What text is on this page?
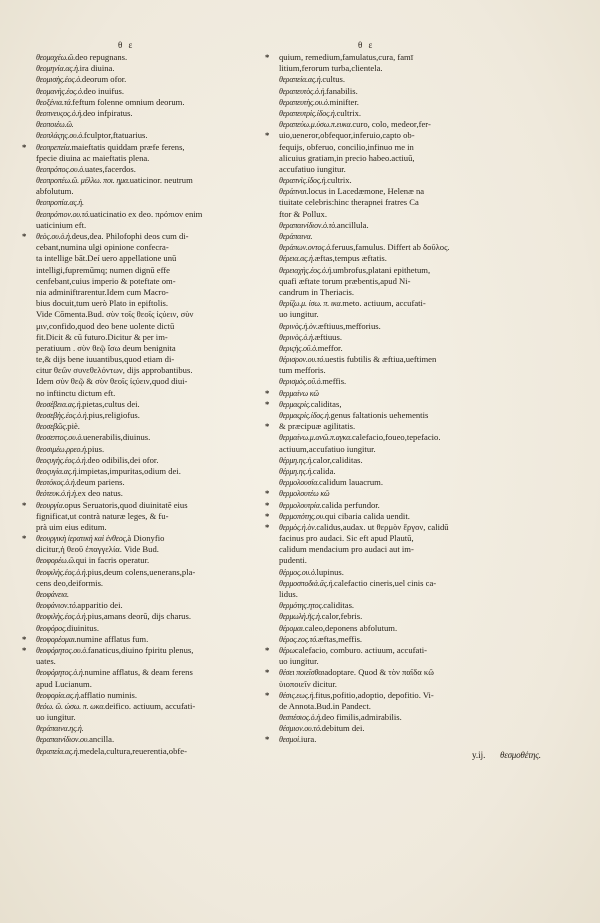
θ ε	θ ε
θεομαχέω.ῶ.deo repugnans.
θεομηνία.ας.ἡ.ira diuina.
θεομισὴς.έος.ὁ.deorum ofor.
θεομανὴς.έος.ὁ.deo inuifus.
θεοξένια.τά.feftum folenne omnium deorum.
θεοπνευςος.ὁ.ἡ.deo infpiratus.
θεοποιέω.ῶ.
θεοπλάςης.ου.ὁ.fculptor,ftatuarius.
* θεοπρεπεία.maieftatis quiddam præfe ferens,
fpecie diuina ac maieftatis plena.
θεοπρόπος.ου.ὁ.uates,facerdos.
θεοπροπέω.ῶ. μέλλω. ποι. ημα.uaticinor. neutrum
abfolutum.
θεοπροπία.ας.ἡ.
θεοπρόπιον.ου.τό.uaticinatio ex deo. πρόπιον enim
uaticinium eft.
* θεὸς.ου.ὁ.ἡ.deus,dea. Philofophi deos cum di-
cebant,numina ulgi opinione confecra-
ta intellige bāt.Deí uero appellatione unū
intelligi,fupremūmq; numen dignū effe
cenfebant,cuius imperio & poteftate om-
nia adminiftrarentur.Idem cum Macro-
bius docuit,tum uerò Plato in epiftolis.
Vide Cōmenta.Bud. σὺν τοῖς θεοῖς ἰςύειν, σὺν
μιν,confido,quod deo bene uolente dictū
fit.Dicit & cū futuro.Dicitur & per im-
peratiuum . σὺν θεῷ ἴσω deum benignita
te,& dijs bene iuuantibus,quod etiam di-
citur θεῶν συνεθελόντων, dijs approbantibus.
Idem σὺν θεῷ & σὺν θεοῖς ἰςύειν,quod diui-
no inftinctu dictum eft.
θεοσέβεια.ας.ἡ.pietas,cultus dei.
θεοσεβὴς.έος.ὁ.ἡ.pius,religiofus.
θεοσεβῶς.piè.
θεοσεπτος.ου.ὁ.uenerabilis,diuinus.
θεοσιμέω.ρρεο.ἡ.pius.
θεοςυγὴς.έος.ὁ.ἡ.deo odibilis,dei ofor.
θεοςυγία.ας.ἡ.impietas,impuritas,odium dei.
θεοτόκος.ὁ.ἡ.deum pariens.
θεότευκ.ό.ἡ.ἡ.ex deo natus.
* θεουργία.opus Seruatoris,quod diuinitatē eius
fignificat,ut contrà naturæ leges, & fu-
prà uim eius editum.
* θεουργικὴ ἱερατικὴ καὶ ἐνθεος,à Dionyfio
dicitur,ἡ θεοῦ ἐπαγγελία. Vide Bud.
θεοφορέω.ῶ.qui in facris operatur.
θεοφιλὴς.έος.ὁ.ἡ.pius,deum colens,uenerans,pla-
cens deo,deiformis.
θεοφάνεια.
θεοφάνιον.τό.apparitio dei.
θεοφιλὴς.έος.ὁ.ἡ.pius,amans deorū, dijs charus.
θεοφόρος.diuinitus.
* θεοφορέομαι.numine afflatus fum.
* θεοφόρητος.ου.ὁ.fanaticus,diuino fpiritu plenus,
uates.
θεοφόρητος.ὁ.ἡ.numine afflatus, & deam ferens
apud Lucianum.
θεοφορία.ας.ἡ.afflatio numinis.
θεόω. ῶ. ώσω. π. ωκα.deifico. actiuum, accufati-
uo iungitur.
θεράπαινα.ης.ἡ.
θεραπαινίδιον.ου.ancilla.
θεραπεία.ας.ἡ.medela,cultura,reuerentia,obfe-
* quium, remedium,famulatus,cura, famī
litium,ferorum turba,clientela.
θεραπεία.ας.ἡ.cultus.
θεραπευτὸς.ὁ.ἡ.fanabilis.
θεραπευτὴς.ου.ὁ.minifter.
θεραπευτρὶς.ίδος.ἡ.cultrix.
θεραπεύω.μ.ύσω.π.ευκα.curo, colo, medeor,fer-
* uio,ueneror,obfequor,inferuio,capto ob-
fequijs, obferuo, concilio,infinuo me in
alicuius gratiam,in precio habeo.actiuū,
accufatiuo iungitur.
θεραπνὶς.ίδος.ἡ.cultrix.
θεράπναι.locus in Lacedæmone, Helenæ na
tiuitate celebris:hinc therapnei fratres Ca
ftor & Pollux.
θεραπαινίδιον.ὁ.τὸ.ancillula.
θεράπαινα.
θεράπων.οντος.ὁ.feruus,famulus. Differt ab δοῦλος.
θέρεια.ας.ἡ.æftas,tempus æftatis.
θερειαχὴς.έος.ὁ.ἡ.umbrofus,platani epithetum,
quafi æftate torum præbentis,apud Ni-
candrum in Theriacis.
θερίζω.μ. ίσω. π. ικα.meto. actiuum, accufati-
uo iungitur.
θερινὸς.ἡ.ὸν.æftiuus,mefforius.
θερινὸς.ὁ.ἡ.æftiuus.
θεριςὴς.οῦ.ὁ.meffor.
θέρισρον.ου.τό.uestis fubtilis & æftiua,ueftimen
tum mefforis.
θερισμὸς.οῦ.ὁ.meffis.
* θερμαίνω κῶ
* θερμαςρὶς.caliditas,
θερμαςρὶς.ίδος.ἡ.genus faltationis uehementis
* & præcipuæ agilitatis.
θερμαίνω.μ.ανῶ.π.αγκα.calefacio,foueo,tepefacio.
actiuum,accufatiuo iungitur.
θέρμη.ης.ἡ.calor,caliditas.
θέρμη.ης.ἡ.calida.
θερμολουσία.calidum lauacrum.
* θερμολουτέω κῶ
* θερμολουτρία.calida perfundor.
* θερμοπότης.ου.qui cibaria calida uendit.
* θερμὸς.ἡ.ὸν.calidus,audax. ut θερμὸν ἔργον, calidū
facinus pro audaci. Sic eft apud Plautū,
calidum mendacium pro audaci aut im-
pudenti.
θέρμος.ου.ὁ.lupinus.
θερμοσποδιὰ.ᾶς.ἡ.calefactio cineris,uel cinis ca-
lidus.
θερμότης.ητος.caliditas.
θερμωλὴ.ῆς.ἡ.calor,febris.
θέρομαι.caleo,deponens abfolutum.
θέρος.εος.τό.æftas,meffis.
* θέρωcalefacio, comburo. actiuum, accufati-
uo iungitur.
* θέσει ποιεῖσθαιadoptare. Quod & τὸν παῖδα κῶ
ὑιοποιεῖν dicitur.
* θέσις.εως.ἡ.fitus,pofitio,adoptio, depofitio. Vi-
de Annota.Bud.in Pandect.
θεσπέσιος.ὁ.ἡ.deo fimilis,admirabilis.
θέσμιον.ου.τό.debitum dei.
* θεσμοὶ.iura.
y.ij. θεσμοθέτης.
